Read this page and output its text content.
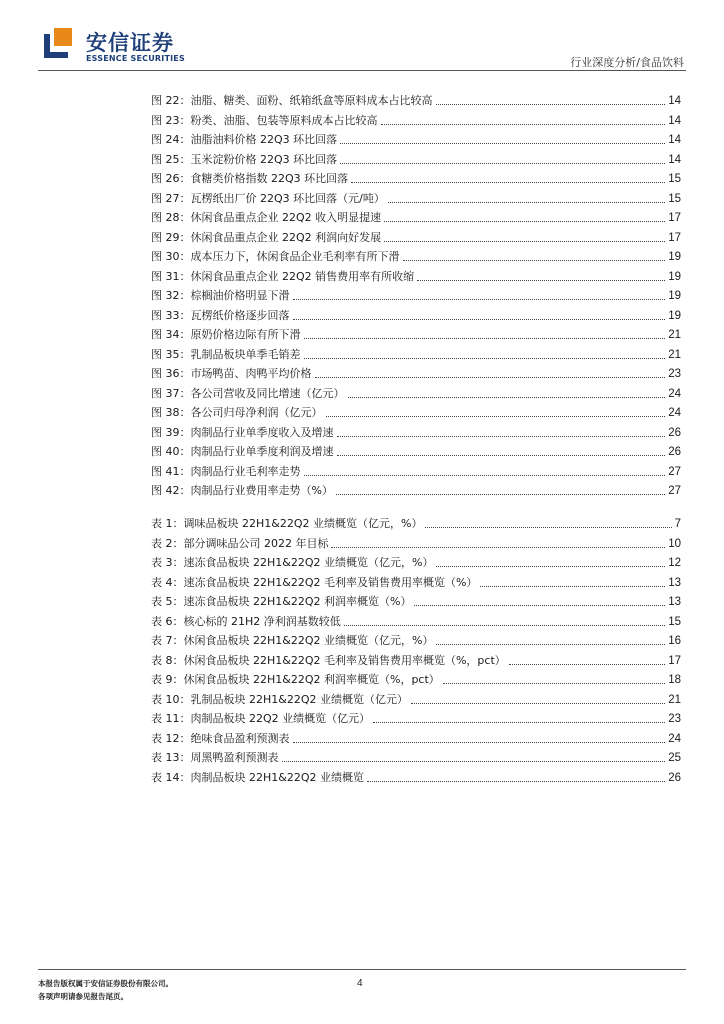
安信证券
ESSENCE SECURITIES	行业深度分析/食品饮料
图 22：油脂、糖类、面粉、纸箱纸盒等原料成本占比较高	14
图 23：粉类、油脂、包装等原料成本占比较高	14
图 24：油脂油料价格 22Q3 环比回落	14
图 25：玉米淀粉价格 22Q3 环比回落	14
图 26：食糖类价格指数 22Q3 环比回落	15
图 27：瓦楞纸出厂价 22Q3 环比回落（元/吨）	15
图 28：休闲食品重点企业 22Q2 收入明显提速	17
图 29：休闲食品重点企业 22Q2 利润向好发展	17
图 30：成本压力下，休闲食品企业毛利率有所下滑	19
图 31：休闲食品重点企业 22Q2 销售费用率有所收缩	19
图 32：棕榈油价格明显下滑	19
图 33：瓦楞纸价格逐步回落	19
图 34：原奶价格边际有所下滑	21
图 35：乳制品板块单季毛销差	21
图 36：市场鸭苗、肉鸭平均价格	23
图 37：各公司营收及同比增速（亿元）	24
图 38：各公司归母净利润（亿元）	24
图 39：肉制品行业单季度收入及增速	26
图 40：肉制品行业单季度利润及增速	26
图 41：肉制品行业毛利率走势	27
图 42：肉制品行业费用率走势（%）	27
表 1：调味品板块 22H1&22Q2 业绩概览（亿元，%）	7
表 2：部分调味品公司 2022 年目标	10
表 3：速冻食品板块 22H1&22Q2 业绩概览（亿元，%）	12
表 4：速冻食品板块 22H1&22Q2 毛利率及销售费用率概览（%）	13
表 5：速冻食品板块 22H1&22Q2 利润率概览（%）	13
表 6：核心标的 21H2 净利润基数较低	15
表 7：休闲食品板块 22H1&22Q2 业绩概览（亿元，%）	16
表 8：休闲食品板块 22H1&22Q2 毛利率及销售费用率概览（%，pct）	17
表 9：休闲食品板块 22H1&22Q2 利润率概览（%，pct）	18
表 10：乳制品板块 22H1&22Q2 业绩概览（亿元）	21
表 11：肉制品板块 22Q2 业绩概览（亿元）	23
表 12：绝味食品盈利预测表	24
表 13：周黑鸭盈利预测表	25
表 14：肉制品板块 22H1&22Q2 业绩概览	26
本报告版权属于安信证券股份有限公司。
各项声明请参见报告尾页。
4
